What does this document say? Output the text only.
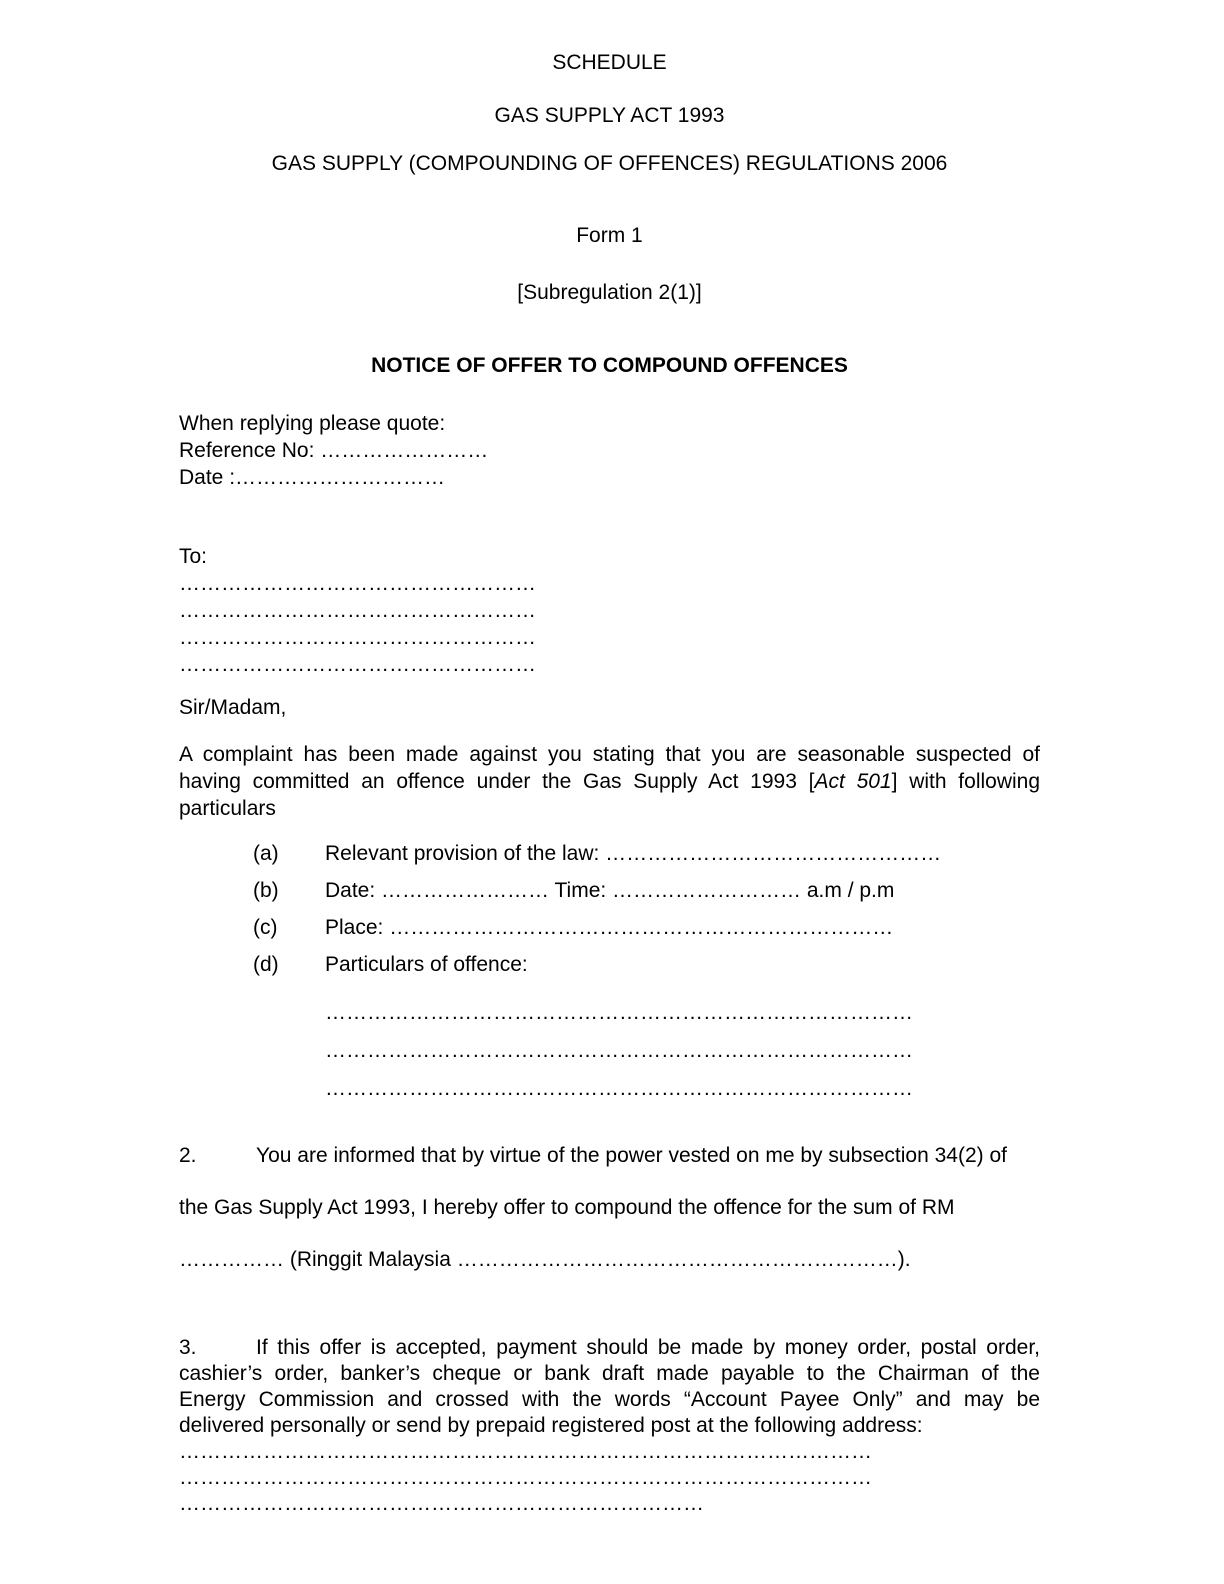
SCHEDULE
GAS SUPPLY ACT 1993
GAS SUPPLY (COMPOUNDING OF OFFENCES) REGULATIONS 2006
Form 1
[Subregulation 2(1)]
NOTICE OF OFFER TO COMPOUND OFFENCES
When replying please quote:
Reference No: ……………………
Date :…………………………
To:
……………………………………………
……………………………………………
……………………………………………
……………………………………………
Sir/Madam,
A complaint has been made against you stating that you are seasonable suspected of
having committed an offence under the Gas Supply Act 1993 [Act 501] with following
particulars
(a)	Relevant provision of the law: …………………………………………
(b)	Date: …………………… Time: ……………………… a.m / p.m
(c)	Place: ………………………………………………………………
(d)	Particulars of offence:
…………………………………………………………………………
…………………………………………………………………………
…………………………………………………………………………
2.	You are informed that by virtue of the power vested on me by subsection 34(2) of
the Gas Supply Act 1993, I hereby offer to compound the offence for the sum of RM
…………… (Ringgit Malaysia ………………………………………………………).
3.	If this offer is accepted, payment should be made by money order, postal order,
cashier’s order, banker’s cheque or bank draft made payable to the Chairman of the
Energy Commission and crossed with the words “Account Payee Only” and may be
delivered personally or send by prepaid registered post at the following address:
………………………………………………………………………………………
………………………………………………………………………………………
…………………………………………………………………
